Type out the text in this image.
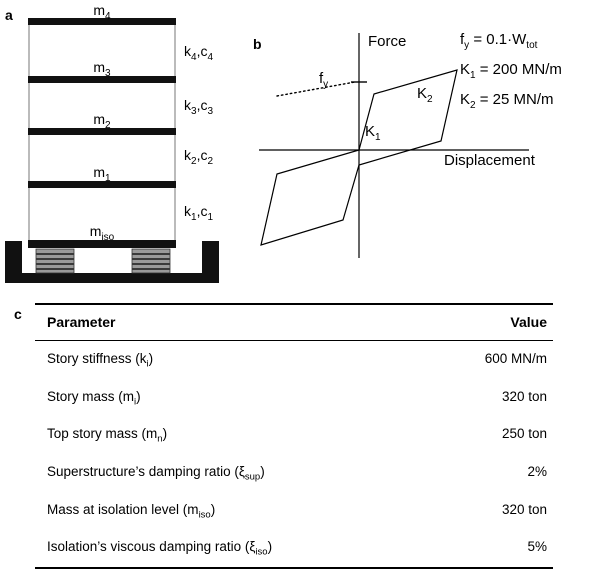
a
b
c
$m_4$
$m_3$
$m_2$
$m_1$
$m_{iso}$
$k_4,c_4$
$k_3,c_3$
$k_2,c_2$
$k_1,c_1$
Force
Displacement
$f_y$
$K_1$
$K_2$
$f_y = 0.1\cdot W_{tot}$
$K_1 = 200$ MN/m
$K_2 = 25$ MN/m
Parameter	Value
Story stiffness $(k_i)$	600 MN/m
Story mass $(m_i)$	320 ton
Top story mass $(m_n)$	250 ton
Superstructure’s damping ratio $(\xi_{sup})$	2%
Mass at isolation level $(m_{iso})$	320 ton
Isolation’s viscous damping ratio $(\xi_{iso})$	5%
